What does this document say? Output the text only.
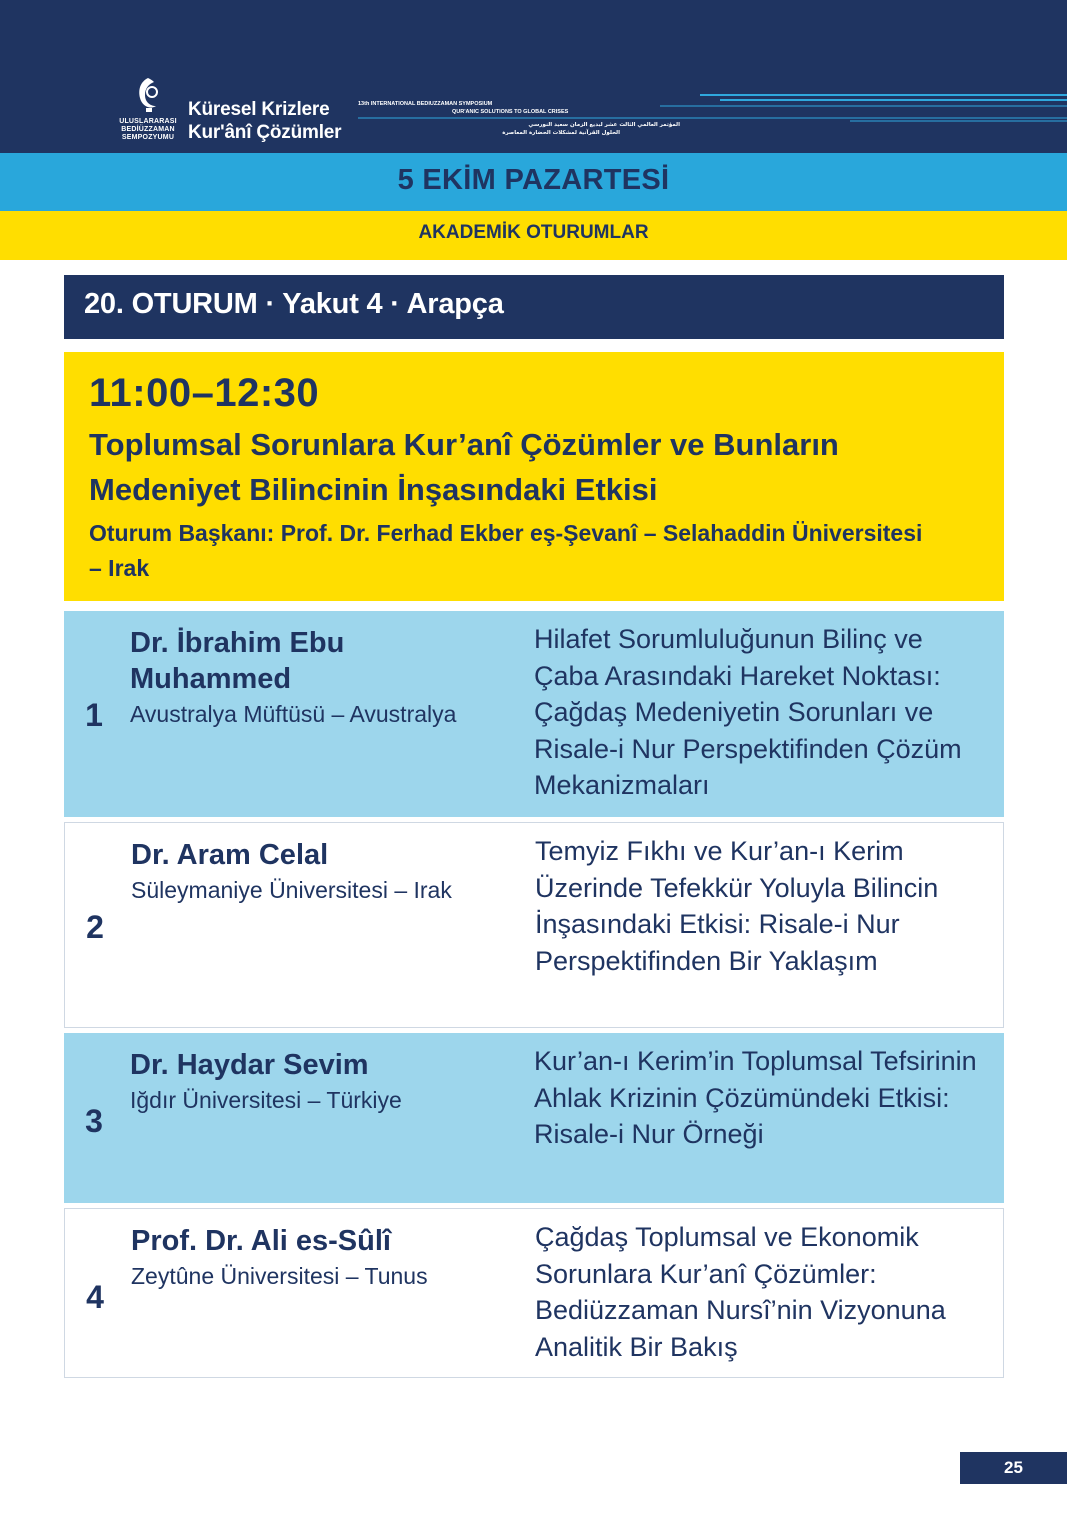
ULUSLARARASI
BEDİÜZZAMAN
SEMPOZYUMU
Küresel Krizlere
Kur'ânî Çözümler
13th INTERNATIONAL BEDIUZZAMAN SYMPOSIUM
QUR'ANIC SOLUTIONS TO GLOBAL CRISES
المؤتمر العالمي الثالث عشر لبديع الزمان سعيد النورسي
الحلول القرآنية لمشكلات الحضارة المعاصرة
5 EKİM PAZARTESİ
AKADEMİK OTURUMLAR
20. OTURUM · Yakut 4 · Arapça
11:00–12:30
Toplumsal Sorunlara Kur’anî Çözümler ve Bunların Medeniyet Bilincinin İnşasındaki Etkisi
Oturum Başkanı: Prof. Dr. Ferhad Ekber eş-Şevanî – Selahaddin Üniversitesi – Irak
1
Dr. İbrahim Ebu Muhammed
Avustralya Müftüsü – Avustralya
Hilafet Sorumluluğunun Bilinç ve Çaba Arasındaki Hareket Noktası: Çağdaş Medeniyetin Sorunları ve Risale-i Nur Perspektifinden Çözüm Mekanizmaları
2
Dr. Aram Celal
Süleymaniye Üniversitesi – Irak
Temyiz Fıkhı ve Kur’an-ı Kerim Üzerinde Tefekkür Yoluyla Bilincin İnşasındaki Etkisi: Risale-i Nur Perspektifinden Bir Yaklaşım
3
Dr. Haydar Sevim
Iğdır Üniversitesi – Türkiye
Kur’an-ı Kerim’in Toplumsal Tefsirinin Ahlak Krizinin Çözümündeki Etkisi: Risale-i Nur Örneği
4
Prof. Dr. Ali es-Sûlî
Zeytûne Üniversitesi – Tunus
Çağdaş Toplumsal ve Ekonomik Sorunlara Kur’anî Çözümler: Bediüzzaman Nursî’nin Vizyonuna Analitik Bir Bakış
25
